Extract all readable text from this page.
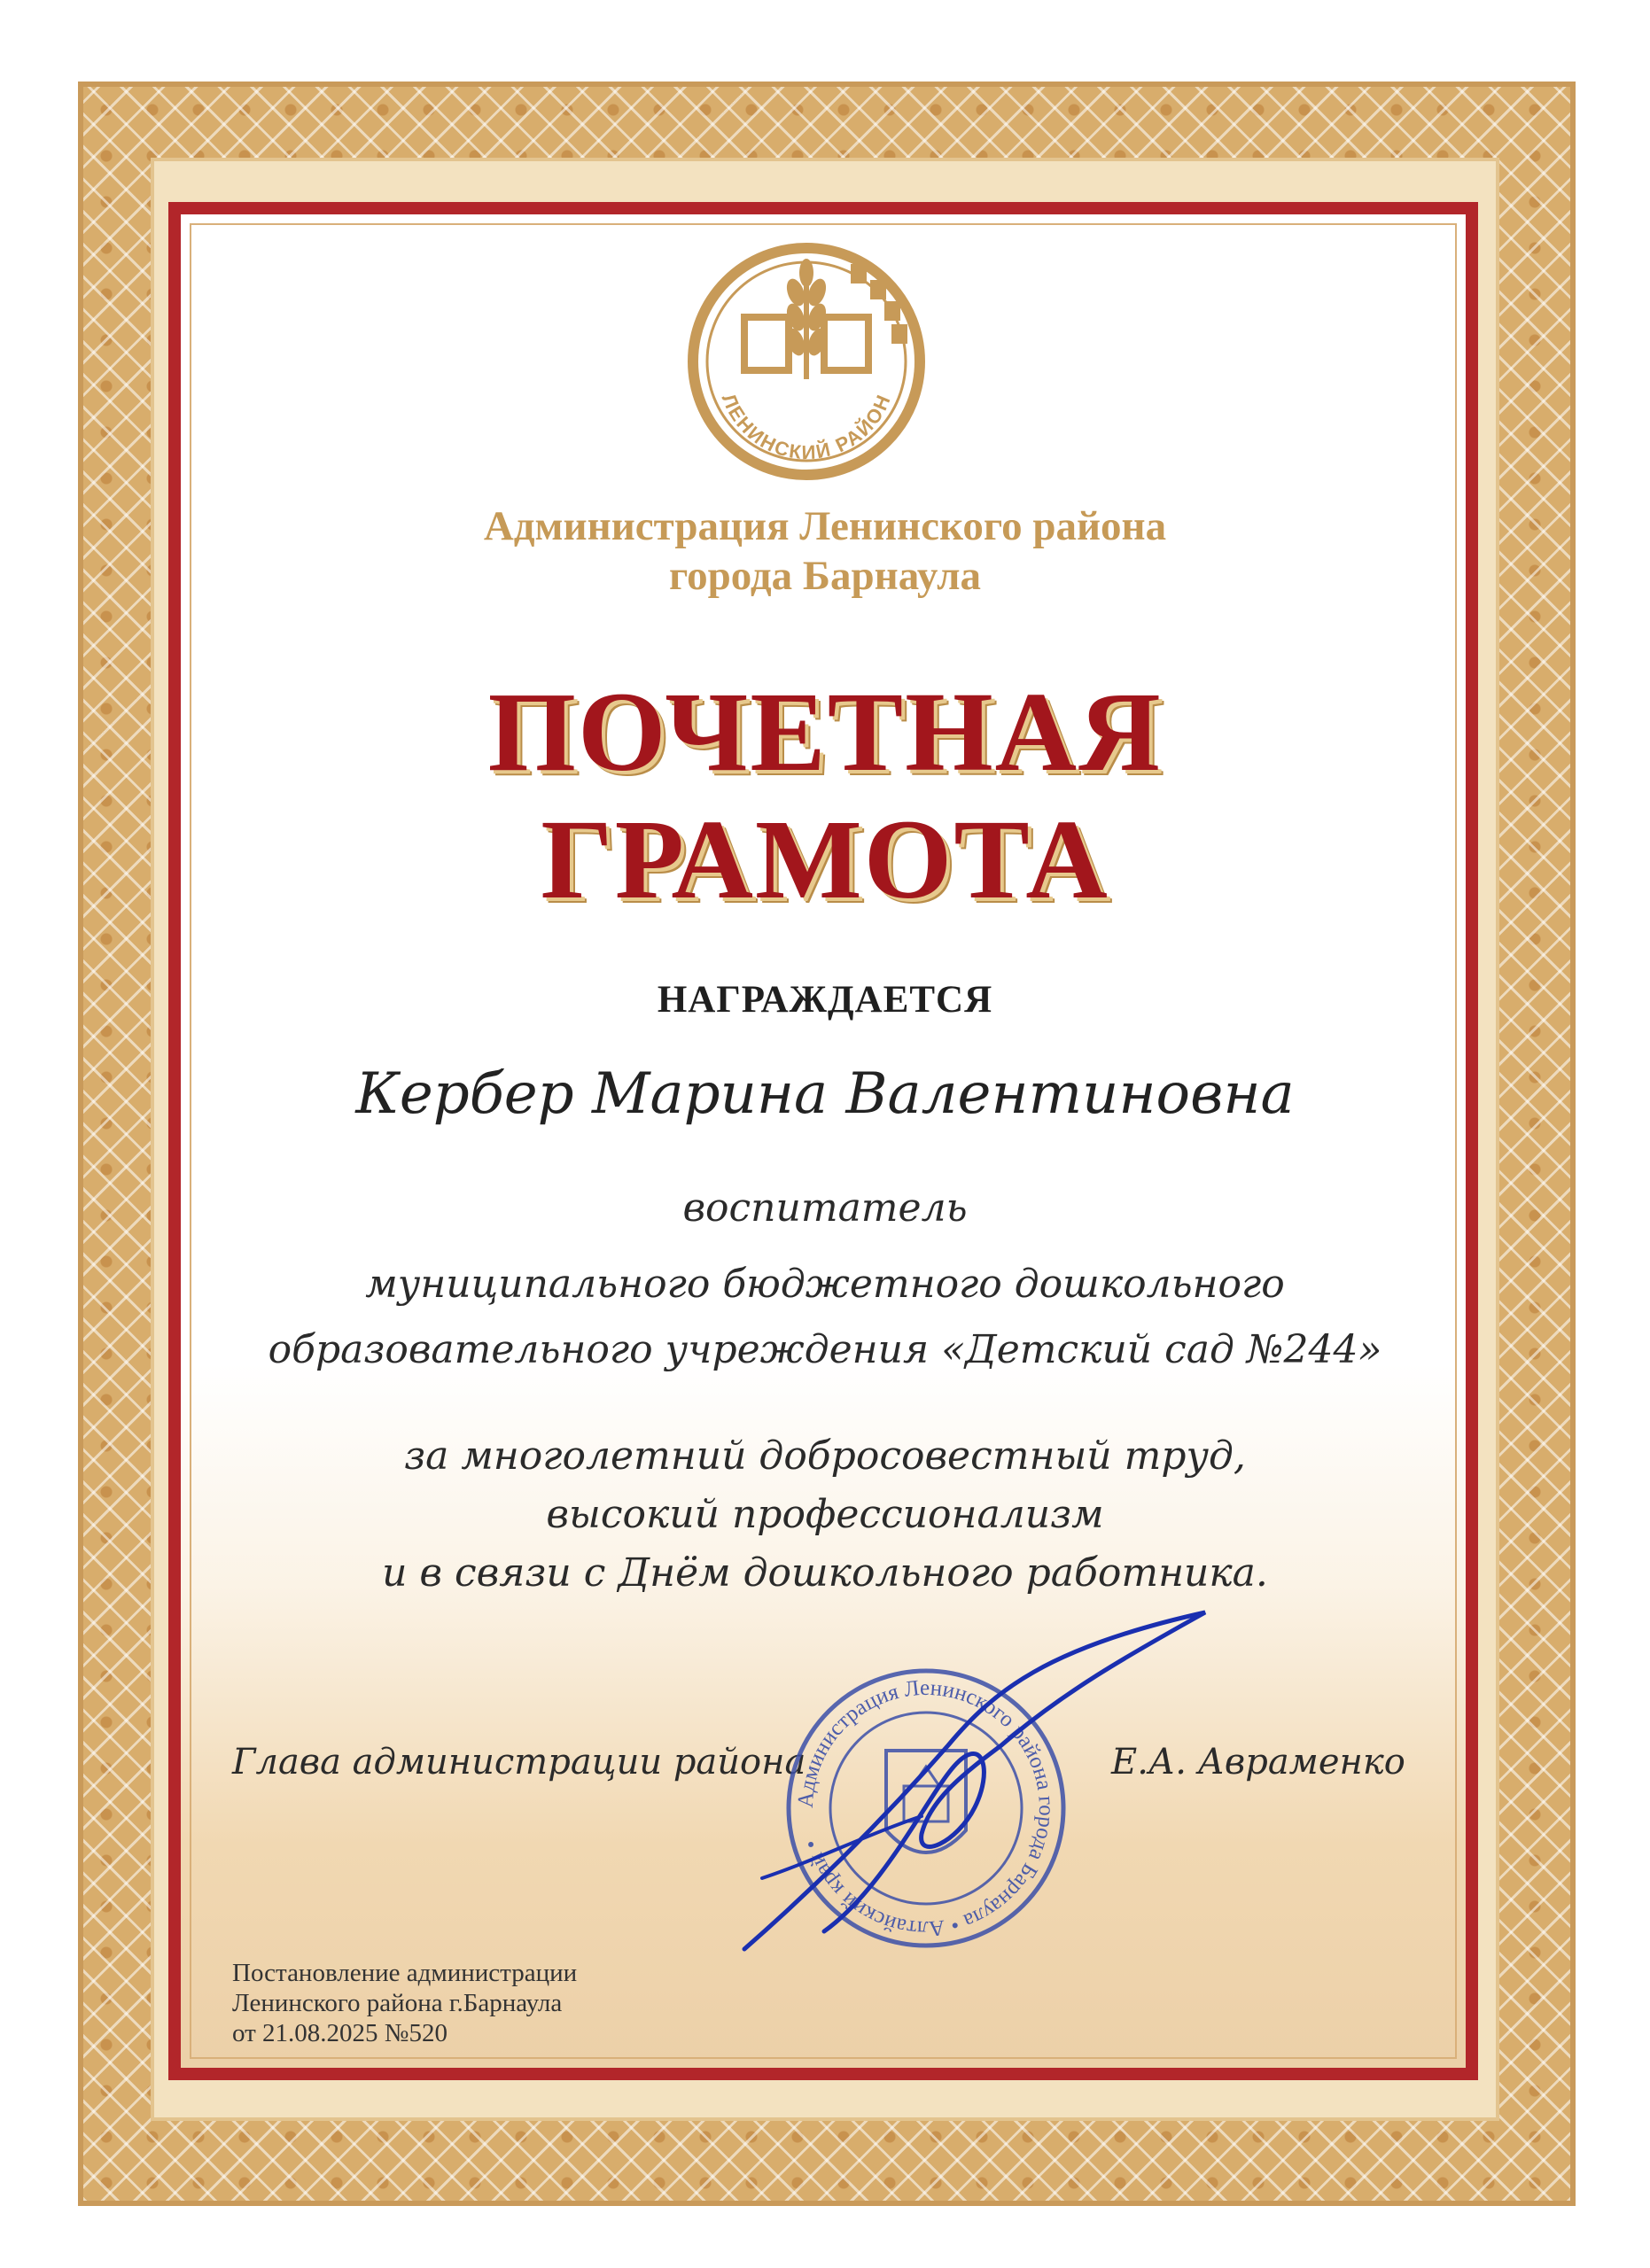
ЛЕНИНСКИЙ РАЙОН
Администрация Ленинского района
города Барнаула
ПОЧЕТНАЯ
ГРАМОТА
НАГРАЖДАЕТСЯ
Кербер Марина Валентиновна
воспитатель
муниципального бюджетного дошкольного
образовательного учреждения «Детский сад №244»
за многолетний добросовестный труд,
высокий профессионализм
и в связи с Днём дошкольного работника.
Глава администрации района	Е.А. Авраменко
Администрация Ленинского района города Барнаула • Алтайский край •
Постановление администрации
Ленинского района г.Барнаула
от 21.08.2025 №520
